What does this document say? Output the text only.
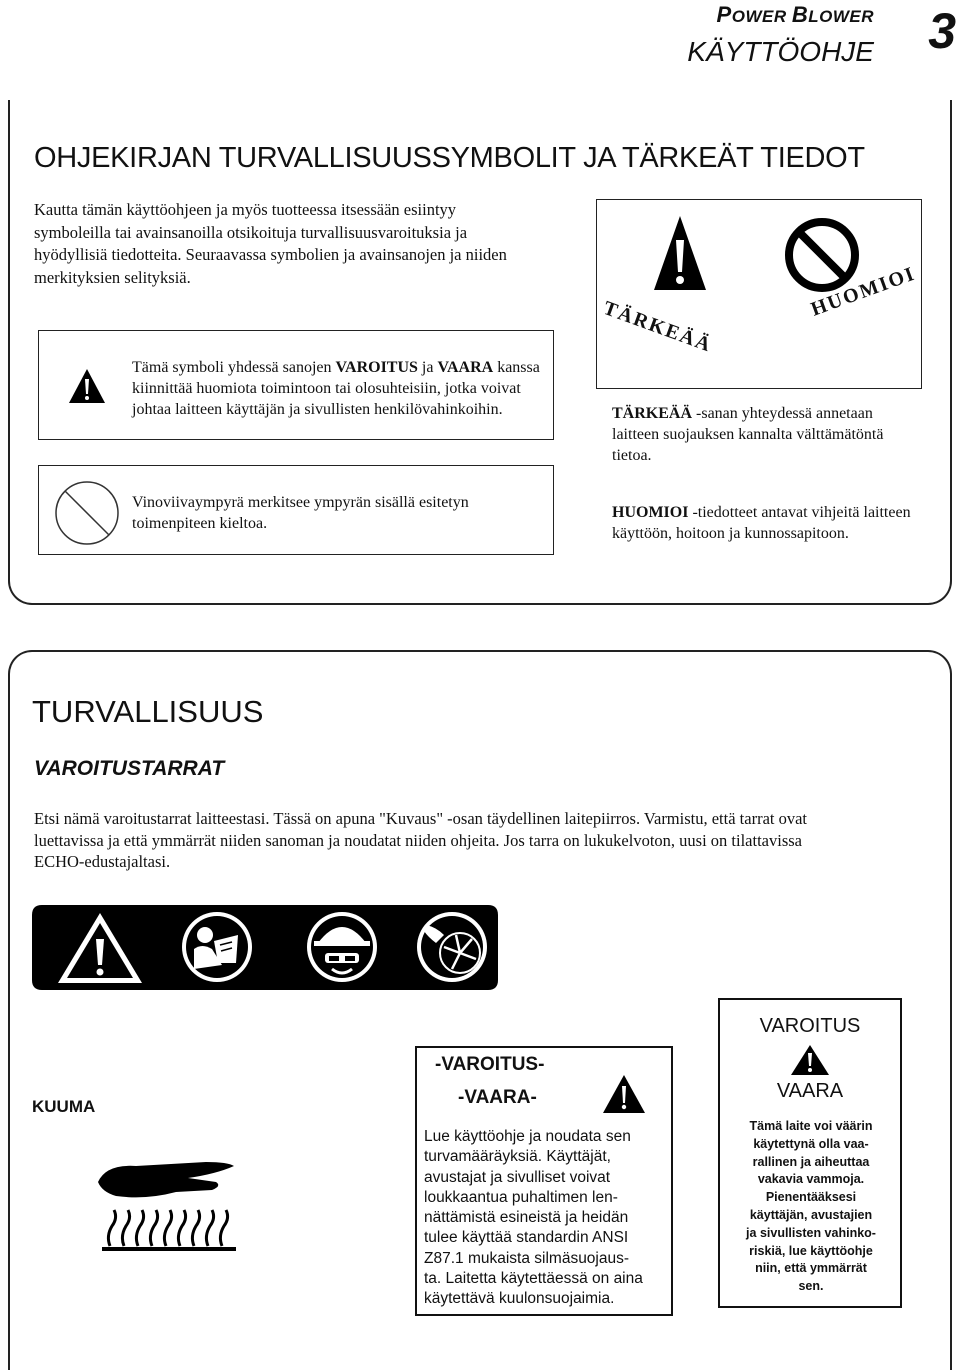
POWER BLOWER
KÄYTTÖOHJE 3
OHJEKIRJAN TURVALLISUUSSYMBOLIT JA TÄRKEÄT TIEDOT
Kautta tämän käyttöohjeen ja myös tuotteessa itsessään esiintyy
symboleilla tai avainsanoilla otsikoituja turvallisuusvaroituksia ja
hyödyllisiä tiedotteita. Seuraavassa symbolien ja avainsanojen ja niiden
merkityksien selityksiä.
TÄRKEÄÄ
HUOMIOI
Tämä symboli yhdessä sanojen VAROITUS ja VAARA kanssa
kiinnittää huomiota toimintoon tai olosuhteisiin, jotka voivat
johtaa laitteen käyttäjän ja sivullisten henkilövahinkoihin.
Vinoviivaympyrä merkitsee ympyrän sisällä esitetyn
toimenpiteen kieltoa.
TÄRKEÄÄ -sanan yhteydessä annetaan
laitteen suojauksen kannalta välttämätöntä
tietoa.
HUOMIOI -tiedotteet antavat vihjeitä laitteen
käyttöön, hoitoon ja kunnossapitoon.
TURVALLISUUS
VAROITUSTARRAT
Etsi nämä varoitustarrat laitteestasi. Tässä on apuna "Kuvaus" -osan täydellinen laitepiirros. Varmistu, että tarrat ovat
luettavissa ja että ymmärrät niiden sanoman ja noudatat niiden ohjeita. Jos tarra on lukukelvoton, uusi on tilattavissa
ECHO-edustajaltasi.
KUUMA
-VAROITUS-
-VAARA-
Lue käyttöohje ja noudata sen
turvamääräyksiä. Käyttäjät,
avustajat ja sivulliset voivat
loukkaantua puhaltimen len-
nättämistä esineistä ja heidän
tulee käyttää standardin ANSI
Z87.1 mukaista silmäsuojaus-
ta. Laitetta käytettäessä on aina
käytettävä kuulonsuojaimia.
VAROITUS
VAARA
Tämä laite voi väärin
käytettynä olla vaa-
rallinen ja aiheuttaa
vakavia vammoja.
Pienentääksesi
käyttäjän, avustajien
ja sivullisten vahinko-
riskiä, lue käyttöohje
niin, että ymmärrät
sen.
